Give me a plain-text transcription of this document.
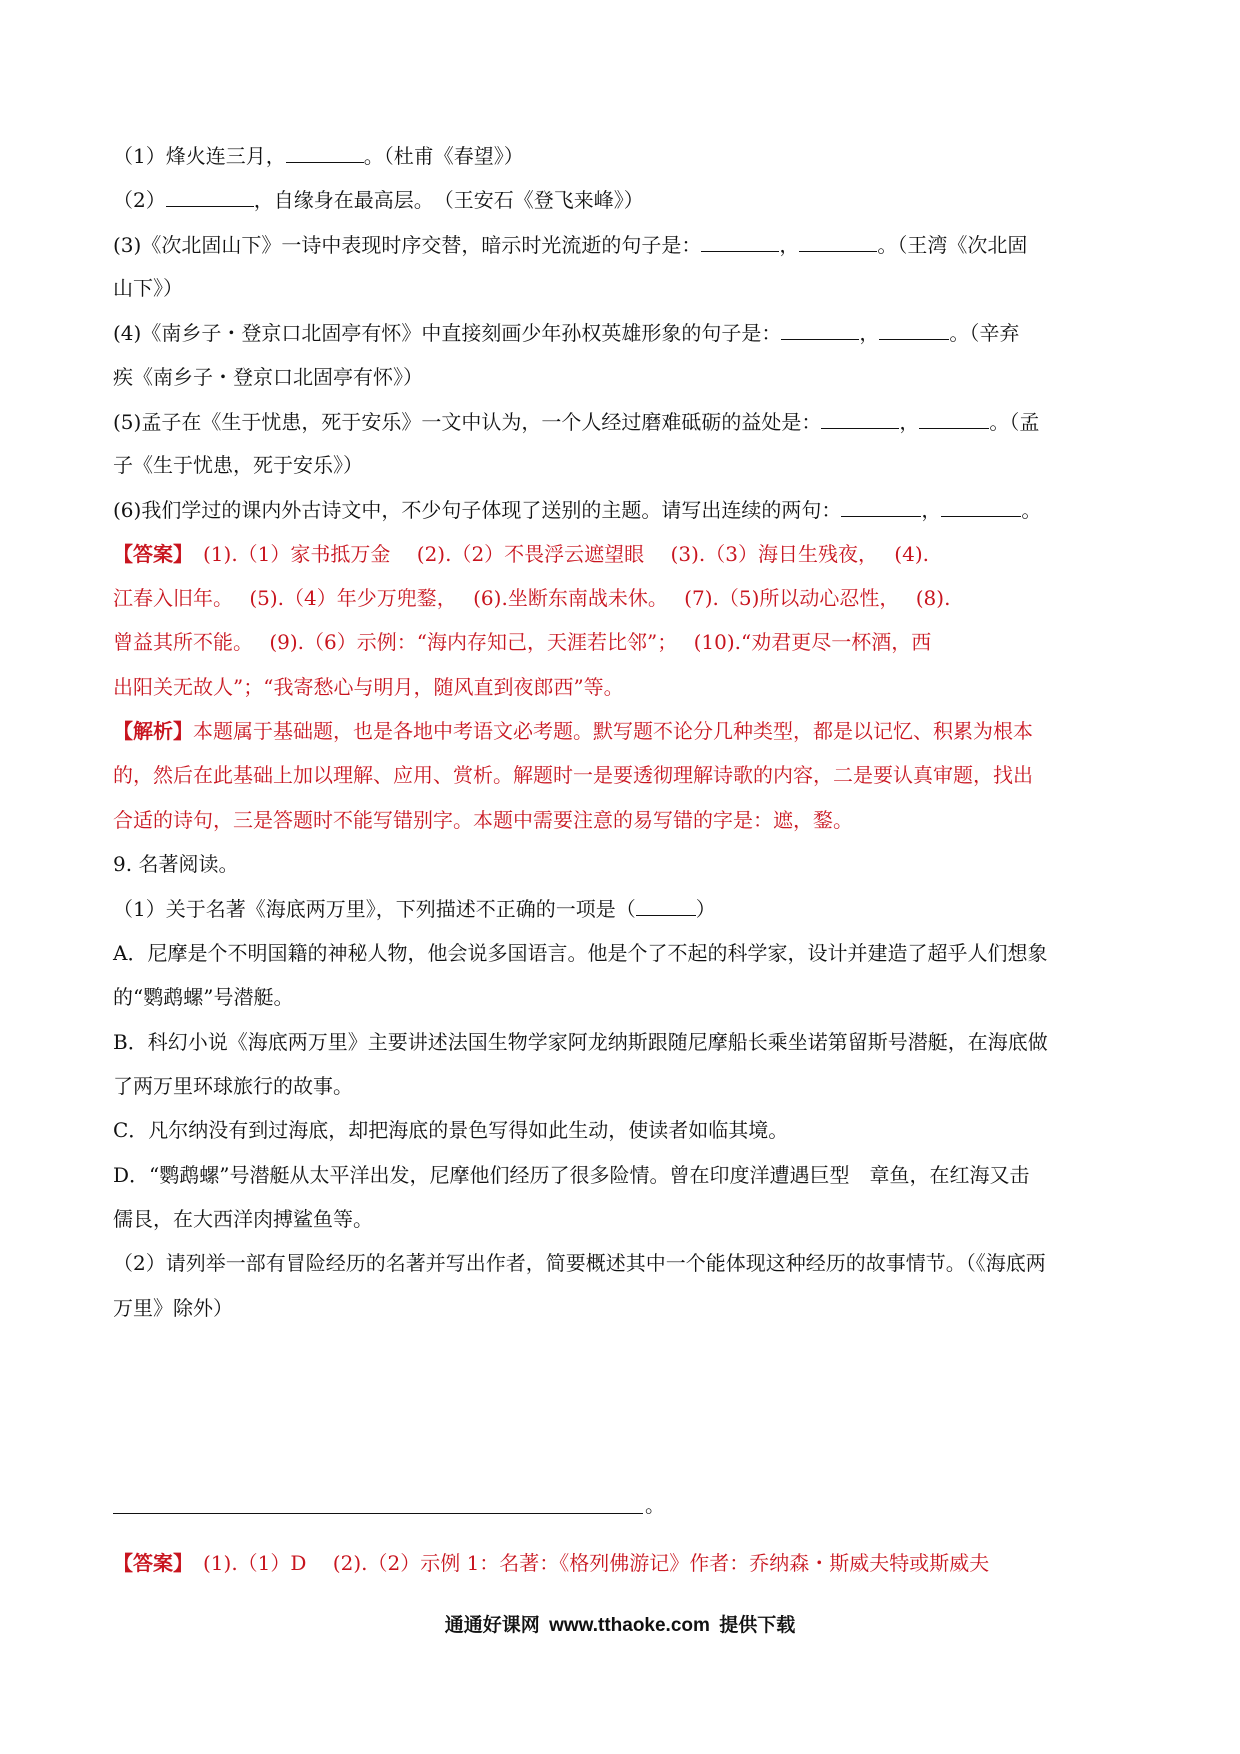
（1）烽火连三月，	。（杜甫《春望》）
（2）	，自缘身在最高层。　（王安石《登飞来峰》）
(3)《次北固山下》一诗中表现时序交替，暗示时光流逝的句子是：	，	。（王湾《次北固
山下》）
(4)《南乡子・登京口北固亭有怀》中直接刻画少年孙权英雄形象的句子是：	，	。（辛弃
疾《南乡子・登京口北固亭有怀》）
(5)孟子在《生于忧患，死于安乐》一文中认为，一个人经过磨难砥砺的益处是：	，	。（孟
子《生于忧患，死于安乐》）
(6)我们学过的课内外古诗文中，不少句子体现了送别的主题。请写出连续的两句：	，	。
【答案】　(1).（1）家书抵万金　 (2).（2）不畏浮云遮望眼　 (3).（3）海日生残夜，　 (4).
江春入旧年。　 (5).（4）年少万兜鍪，　 (6).坐断东南战未休。　 (7).（5)所以动心忍性，　 (8).
曾益其所不能。　 (9).（6）示例：“海内存知己，天涯若比邻”；　 (10).“劝君更尽一杯酒，西
出阳关无故人”；“我寄愁心与明月，随风直到夜郎西”等。
【解析】本题属于基础题，也是各地中考语文必考题。默写题不论分几种类型，都是以记忆、积累为根本
的，然后在此基础上加以理解、应用、赏析。解题时一是要透彻理解诗歌的内容，二是要认真审题，找出
合适的诗句，三是答题时不能写错别字。本题中需要注意的易写错的字是：遮，鍪。
9. 名著阅读。
（1）关于名著《海底两万里》，下列描述不正确的一项是（	）
A．尼摩是个不明国籍的神秘人物，他会说多国语言。他是个了不起的科学家，设计并建造了超乎人们想象
的“鹦鹉螺”号潜艇。
B．科幻小说《海底两万里》主要讲述法国生物学家阿龙纳斯跟随尼摩船长乘坐诺第留斯号潜艇，在海底做
了两万里环球旅行的故事。
C．凡尔纳没有到过海底，却把海底的景色写得如此生动，使读者如临其境。
D．“鹦鹉螺”号潜艇从太平洋出发，尼摩他们经历了很多险情。曾在印度洋遭遇巨型　章鱼，在红海又击
儒艮，在大西洋肉搏鲨鱼等。
（2）请列举一部有冒险经历的名著并写出作者，简要概述其中一个能体现这种经历的故事情节。（《海底两
万里》除外）
。
【答案】　(1).（1）D　 (2).（2）示例 1：名著：《格列佛游记》作者：乔纳森・斯威夫特或斯威夫
通通好课网 www.tthaoke.com 提供下载
